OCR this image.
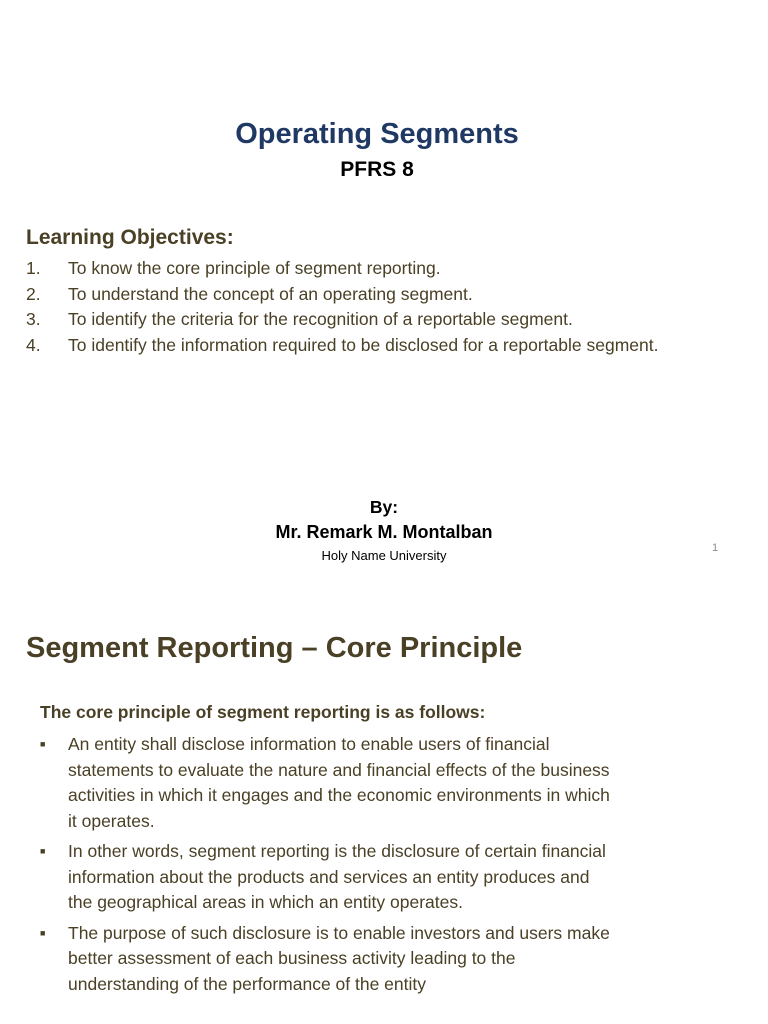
Operating Segments
PFRS 8
Learning Objectives:
1.	To know the core principle of segment reporting.
2.	To understand the concept of an operating segment.
3.	To identify the criteria for the recognition of a reportable segment.
4.	To identify the information required to be disclosed for a reportable segment.
By:
Mr. Remark M. Montalban
Holy Name University	1
Segment Reporting – Core Principle
The core principle of segment reporting is as follows:
■	An entity shall disclose information to enable users of financial statements to evaluate the nature and financial effects of the business activities in which it engages and the economic environments in which it operates.
■	In other words, segment reporting is the disclosure of certain financial information about the products and services an entity produces and the geographical areas in which an entity operates.
■	The purpose of such disclosure is to enable investors and users make better assessment of each business activity leading to the understanding of the performance of the entity
